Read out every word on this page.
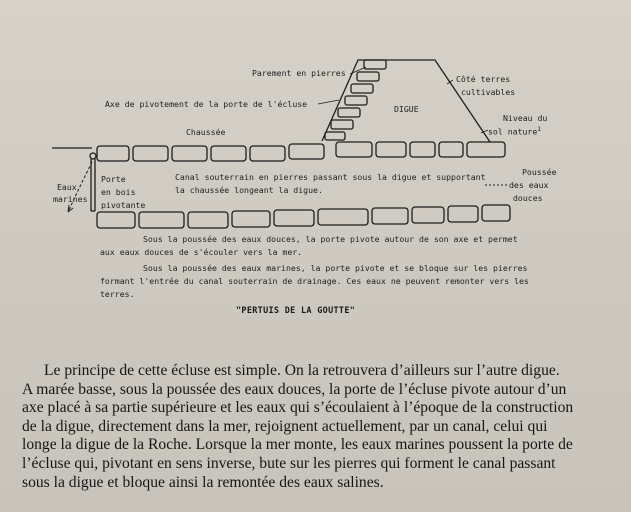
Parement en pierres
Axe de pivotement de la porte de l'écluse	DIGUE
Côté terres
cultivables
Niveau du
sol nature$^1$
Chaussée
Eaux
marines
Porte
en bois
pivotante
Canal souterrain en pierres passant sous la digue et supportant
la chaussée longeant la digue.
Poussée
des eaux
douces
Sous la poussée des eaux douces, la porte pivote autour de son axe et permet
aux eaux douces de s'écouler vers la mer.
Sous la poussée des eaux marines, la porte pivote et se bloque sur les pierres
formant l'entrée du canal souterrain de drainage. Ces eaux ne peuvent remonter vers les
terres.
"PERTUIS DE LA GOUTTE"
Le principe de cette écluse est simple. On la retrouvera d’ailleurs sur l’autre digue.
A marée basse, sous la poussée des eaux douces, la porte de l’écluse pivote autour d’un
axe placé à sa partie supérieure et les eaux qui s’écoulaient à l’époque de la construction
de la digue, directement dans la mer, rejoignent actuellement, par un canal, celui qui
longe la digue de la Roche. Lorsque la mer monte, les eaux marines poussent la porte de
l’écluse qui, pivotant en sens inverse, bute sur les pierres qui forment le canal passant
sous la digue et bloque ainsi la remontée des eaux salines.
